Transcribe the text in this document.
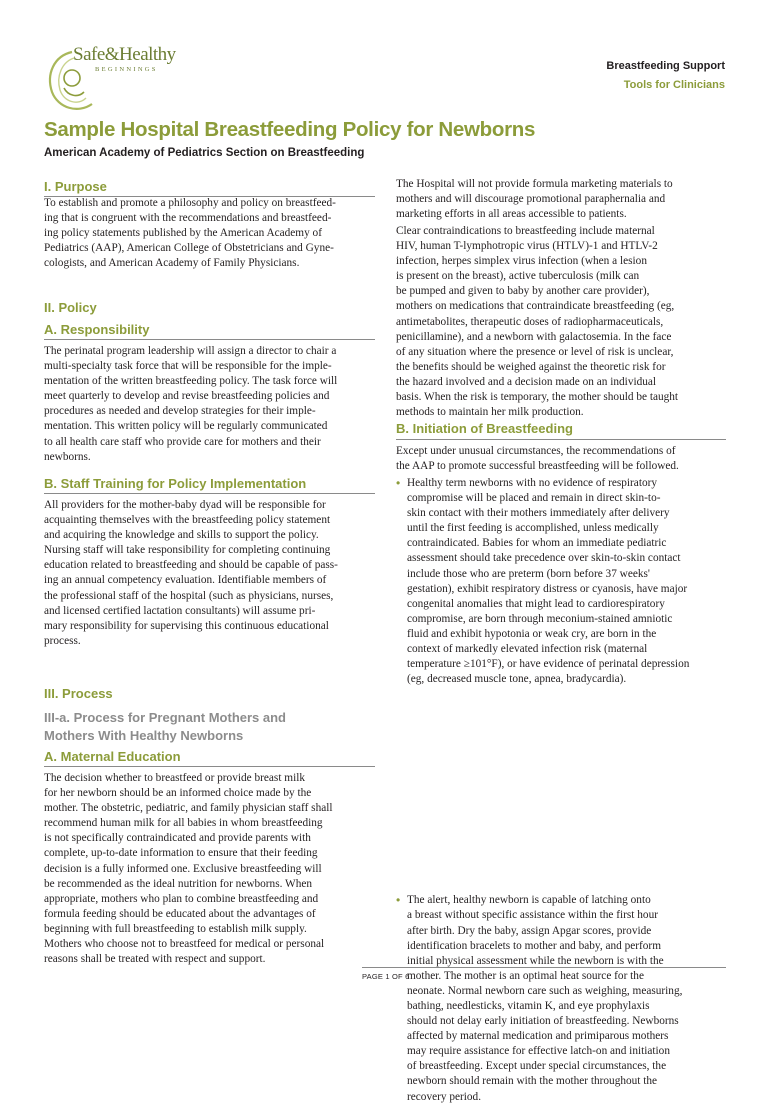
Safe&Healthy
BEGINNINGS	Breastfeeding Support
Tools for Clinicians
Sample Hospital Breastfeeding Policy for Newborns
American Academy of Pediatrics Section on Breastfeeding
I. Purpose

To establish and promote a philosophy and policy on breastfeed-
ing that is congruent with the recommendations and breastfeed-
ing policy statements published by the American Academy of
Pediatrics (AAP), American College of Obstetricians and Gyne-
cologists, and American Academy of Family Physicians.

II. Policy
A. Responsibility

The perinatal program leadership will assign a director to chair a
multi-specialty task force that will be responsible for the imple-
mentation of the written breastfeeding policy. The task force will
meet quarterly to develop and revise breastfeeding policies and
procedures as needed and develop strategies for their imple-
mentation. This written policy will be regularly communicated
to all health care staff who provide care for mothers and their
newborns.

B. Staff Training for Policy Implementation

All providers for the mother-baby dyad will be responsible for
acquainting themselves with the breastfeeding policy statement
and acquiring the knowledge and skills to support the policy.
Nursing staff will take responsibility for completing continuing
education related to breastfeeding and should be capable of pass-
ing an annual competency evaluation. Identifiable members of
the professional staff of the hospital (such as physicians, nurses,
and licensed certified lactation consultants) will assume pri-
mary responsibility for supervising this continuous educational
process.

III. Process
III-a. Process for Pregnant Mothers and
Mothers With Healthy Newborns
A. Maternal Education

The decision whether to breastfeed or provide breast milk
for her newborn should be an informed choice made by the
mother. The obstetric, pediatric, and family physician staff shall
recommend human milk for all babies in whom breastfeeding
is not specifically contraindicated and provide parents with
complete, up-to-date information to ensure that their feeding
decision is a fully informed one. Exclusive breastfeeding will
be recommended as the ideal nutrition for newborns. When
appropriate, mothers who plan to combine breastfeeding and
formula feeding should be educated about the advantages of
beginning with full breastfeeding to establish milk supply.
Mothers who choose not to breastfeed for medical or personal
reasons shall be treated with respect and support.

The Hospital will not provide formula marketing materials to
mothers and will discourage promotional paraphernalia and
marketing efforts in all areas accessible to patients.

Clear contraindications to breastfeeding include maternal
HIV, human T-lymphotropic virus (HTLV)-1 and HTLV-2
infection, herpes simplex virus infection (when a lesion
is present on the breast), active tuberculosis (milk can
be pumped and given to baby by another care provider),
mothers on medications that contraindicate breastfeeding (eg,
antimetabolites, therapeutic doses of radiopharmaceuticals,
penicillamine), and a newborn with galactosemia. In the face
of any situation where the presence or level of risk is unclear,
the benefits should be weighed against the theoretic risk for
the hazard involved and a decision made on an individual
basis. When the risk is temporary, the mother should be taught
methods to maintain her milk production.

B. Initiation of Breastfeeding

Except under unusual circumstances, the recommendations of
the AAP to promote successful breastfeeding will be followed.

• Healthy term newborns with no evidence of respiratory
compromise will be placed and remain in direct skin-to-
skin contact with their mothers immediately after delivery
until the first feeding is accomplished, unless medically
contraindicated. Babies for whom an immediate pediatric
assessment should take precedence over skin-to-skin contact
include those who are preterm (born before 37 weeks'
gestation), exhibit respiratory distress or cyanosis, have major
congenital anomalies that might lead to cardiorespiratory
compromise, are born through meconium-stained amniotic
fluid and exhibit hypotonia or weak cry, are born in the
context of markedly elevated infection risk (maternal
temperature ≥101°F), or have evidence of perinatal depression
(eg, decreased muscle tone, apnea, bradycardia).
• The alert, healthy newborn is capable of latching onto
a breast without specific assistance within the first hour
after birth. Dry the baby, assign Apgar scores, provide
identification bracelets to mother and baby, and perform
initial physical assessment while the newborn is with the
mother. The mother is an optimal heat source for the
neonate. Normal newborn care such as weighing, measuring,
bathing, needlesticks, vitamin K, and eye prophylaxis
should not delay early initiation of breastfeeding. Newborns
affected by maternal medication and primiparous mothers
may require assistance for effective latch-on and initiation
of breastfeeding. Except under special circumstances, the
newborn should remain with the mother throughout the
recovery period.
PAGE 1 OF 6
